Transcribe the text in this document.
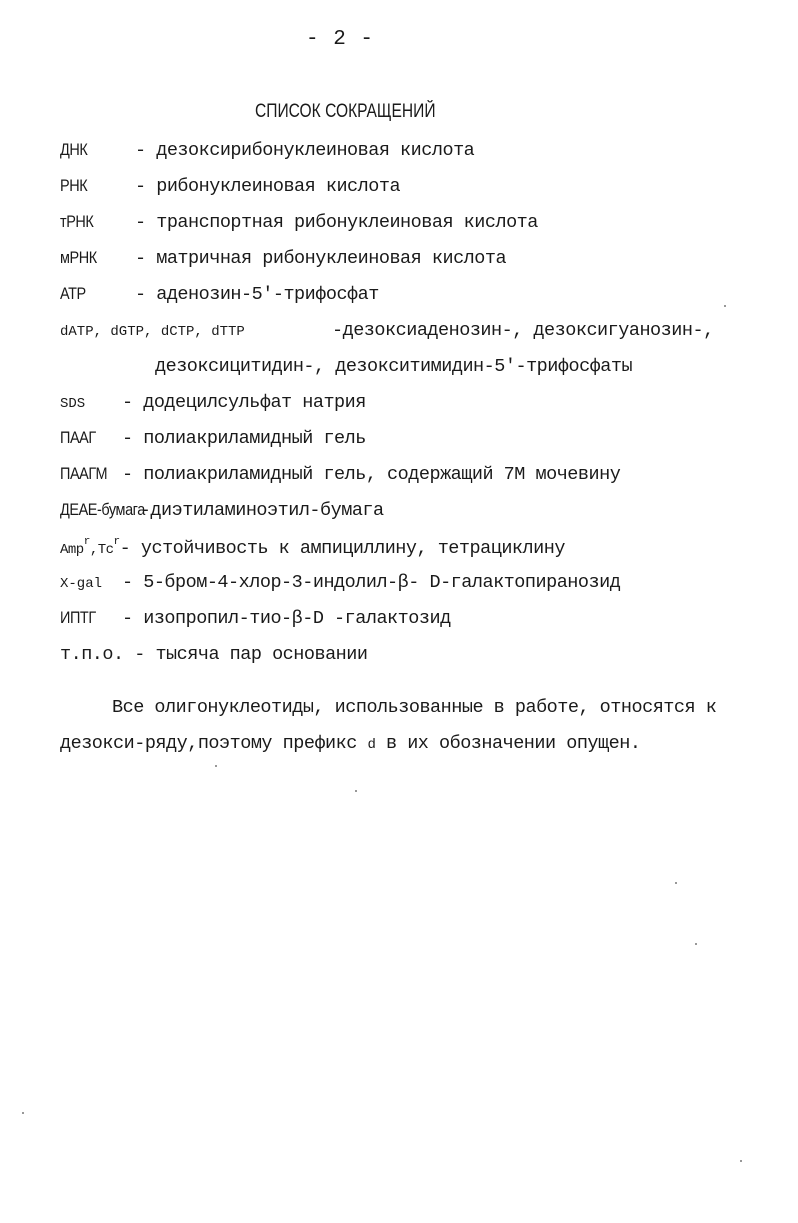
- 2 -
СПИСОК СОКРАЩЕНИЙ
ДНК	- дезоксирибонуклеиновая кислота
РНК	- рибонуклеиновая кислота
тРНК - транспортная рибонуклеиновая кислота
мРНК - матричная рибонуклеиновая кислота
АТР	- аденозин-5'-трифосфат
dATP, dGTP, dCTP, dTTP	-дезоксиаденозин-, дезоксигуанозин-,
дезоксицитидин-, дезокситимидин-5'-трифосфаты
SDS - додецилсульфат натрия
ПААГ - полиакриламидный гель
ПААГМ - полиакриламидный гель, содержащий 7М мочевину
ДЕАЕ-бумага-диэтиламиноэтил-бумага
Amp$^r$,Tc$^r$- устойчивость к ампициллину, тетрациклину
X-gal - 5-бром-4-хлор-3-индолил-β- D-галактопиранозид
ИПТГ - изопропил-тио-β-D -галактозид
т.п.о. - тысяча пар основании
Все олигонуклеотиды, использованные в работе, относятся к
дезокси-ряду,поэтому префикс d в их обозначении опущен.
